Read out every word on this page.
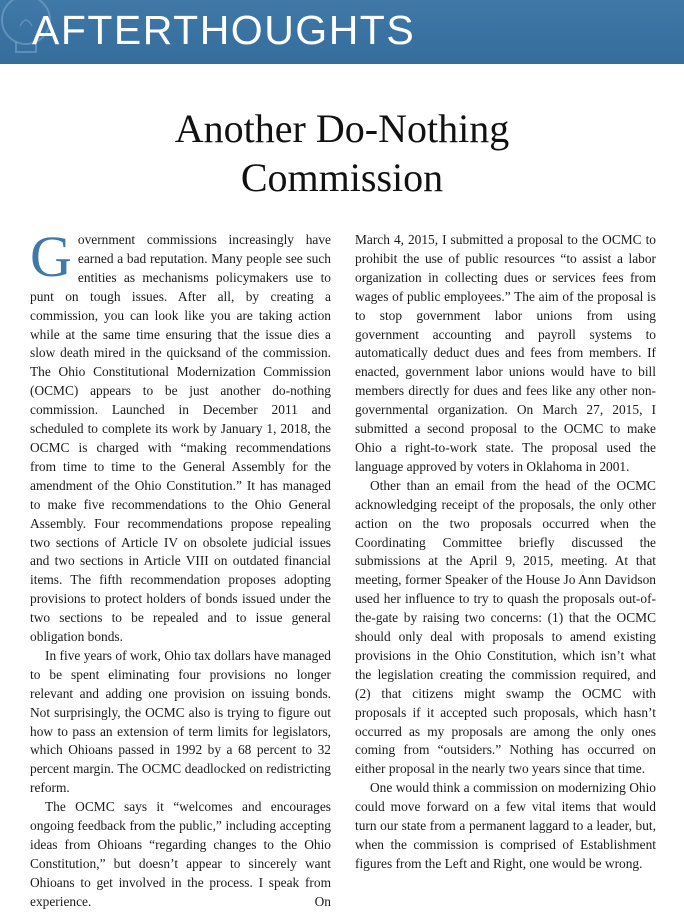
AFTERTHOUGHTS
Another Do-Nothing
Commission

Government commissions increasingly have earned a bad reputation. Many people see such entities as mechanisms policymakers use to punt on tough issues. After all, by creating a commission, you can look like you are taking action while at the same time ensuring that the issue dies a slow death mired in the quicksand of the commission. The Ohio Constitutional Modernization Commission (OCMC) appears to be just another do-nothing commission. Launched in December 2011 and scheduled to complete its work by January 1, 2018, the OCMC is charged with “making recommendations from time to time to the General Assembly for the amendment of the Ohio Constitution.” It has managed to make five recommendations to the Ohio General Assembly. Four recommendations propose repealing two sections of Article IV on obsolete judicial issues and two sections in Article VIII on outdated financial items. The fifth recommendation proposes adopting provisions to protect holders of bonds issued under the two sections to be repealed and to issue general obligation bonds.

In five years of work, Ohio tax dollars have managed to be spent eliminating four provisions no longer relevant and adding one provision on issuing bonds. Not surprisingly, the OCMC also is trying to figure out how to pass an extension of term limits for legislators, which Ohioans passed in 1992 by a 68 percent to 32 percent margin. The OCMC deadlocked on redistricting reform.

The OCMC says it “welcomes and encourages ongoing feedback from the public,” including accepting ideas from Ohioans “regarding changes to the Ohio Constitution,” but doesn’t appear to sincerely want Ohioans to get involved in the process. I speak from experience. On

March 4, 2015, I submitted a proposal to the OCMC to prohibit the use of public resources “to assist a labor organization in collecting dues or services fees from wages of public employees.” The aim of the proposal is to stop government labor unions from using government accounting and payroll systems to automatically deduct dues and fees from members. If enacted, government labor unions would have to bill members directly for dues and fees like any other non-governmental organization. On March 27, 2015, I submitted a second proposal to the OCMC to make Ohio a right-to-work state. The proposal used the language approved by voters in Oklahoma in 2001.

Other than an email from the head of the OCMC acknowledging receipt of the proposals, the only other action on the two proposals occurred when the Coordinating Committee briefly discussed the submissions at the April 9, 2015, meeting. At that meeting, former Speaker of the House Jo Ann Davidson used her influence to try to quash the proposals out-of-the-gate by raising two concerns: (1) that the OCMC should only deal with proposals to amend existing provisions in the Ohio Constitution, which isn’t what the legislation creating the commission required, and (2) that citizens might swamp the OCMC with proposals if it accepted such proposals, which hasn’t occurred as my proposals are among the only ones coming from “outsiders.” Nothing has occurred on either proposal in the nearly two years since that time.

One would think a commission on modernizing Ohio could move forward on a few vital items that would turn our state from a permanent laggard to a leader, but, when the commission is comprised of Establishment figures from the Left and Right, one would be wrong.
